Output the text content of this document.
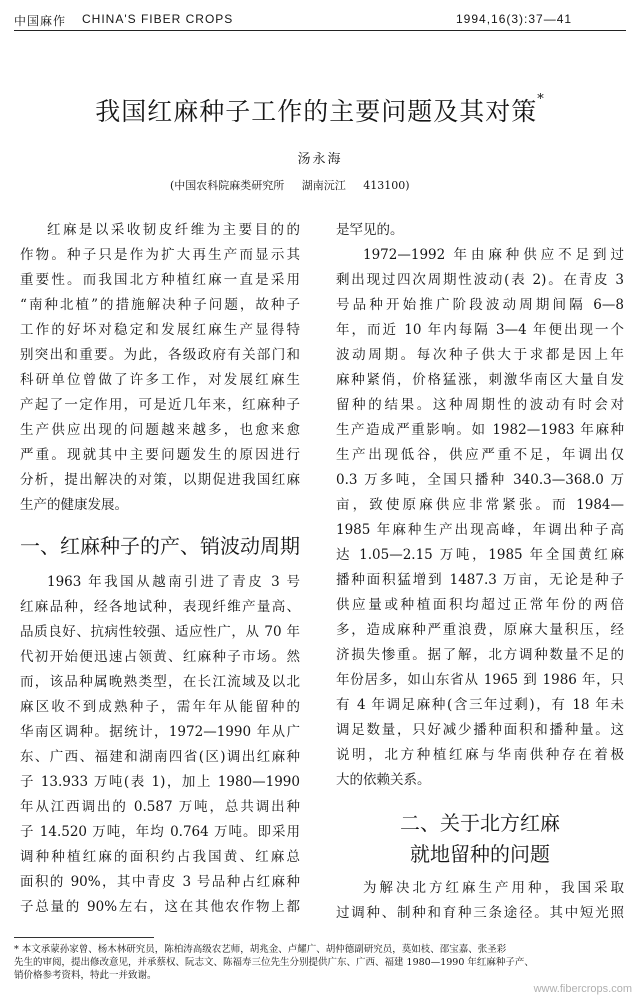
中国麻作 CHINA'S FIBER CROPS	1994,16(3):37—41
我国红麻种子工作的主要问题及其对策*
汤永海
(中国农科院麻类研究所 湖南沅江 413100)
红麻是以采收韧皮纤维为主要目的的
作物。种子只是作为扩大再生产而显示其
重要性。而我国北方种植红麻一直是采用
“南种北植”的措施解决种子问题，故种子
工作的好坏对稳定和发展红麻生产显得特
别突出和重要。为此，各级政府有关部门和
科研单位曾做了许多工作，对发展红麻生
产起了一定作用，可是近几年来，红麻种子
生产供应出现的问题越来越多，也愈来愈
严重。现就其中主要问题发生的原因进行
分析，提出解决的对策，以期促进我国红麻
生产的健康发展。
一、红麻种子的产、销波动周期
1963 年我国从越南引进了青皮 3 号
红麻品种，经各地试种，表现纤维产量高、
品质良好、抗病性较强、适应性广，从 70 年
代初开始便迅速占领黄、红麻种子市场。然
而，该品种属晚熟类型，在长江流域及以北
麻区收不到成熟种子，需年年从能留种的
华南区调种。据统计，1972—1990 年从广
东、广西、福建和湖南四省(区)调出红麻种
子 13.933 万吨(表 1)，加上 1980—1990
年从江西调出的 0.587 万吨，总共调出种
子 14.520 万吨，年均 0.764 万吨。即采用
调种种植红麻的面积约占我国黄、红麻总
面积的 90%，其中青皮 3 号品种占红麻种
子总量的 90%左右，这在其他农作物上都
是罕见的。
1972—1992 年由麻种供应不足到过
剩出现过四次周期性波动(表 2)。在青皮 3
号品种开始推广阶段波动周期间隔 6—8
年，而近 10 年内每隔 3—4 年便出现一个
波动周期。每次种子供大于求都是因上年
麻种紧俏，价格猛涨，刺激华南区大量自发
留种的结果。这种周期性的波动有时会对
生产造成严重影响。如 1982—1983 年麻种
生产出现低谷，供应严重不足，年调出仅
0.3 万多吨，全国只播种 340.3—368.0 万
亩，致使原麻供应非常紧张。而 1984—
1985 年麻种生产出现高峰，年调出种子高
达 1.05—2.15 万吨，1985 年全国黄红麻
播种面积猛增到 1487.3 万亩，无论是种子
供应量或种植面积均超过正常年份的两倍
多，造成麻种严重浪费，原麻大量积压，经
济损失惨重。据了解，北方调种数量不足的
年份居多，如山东省从 1965 到 1986 年，只
有 4 年调足麻种(含三年过剩)，有 18 年未
调足数量，只好减少播种面积和播种量。这
说明，北方种植红麻与华南供种存在着极
大的依赖关系。
二、关于北方红麻
就地留种的问题
为解决北方红麻生产用种，我国采取
过调种、制种和育种三条途径。其中短光照
* 本文承蒙孙家曾、杨木林研究员，陈柏涛高级农艺师，胡兆金、卢耀广、胡仲德副研究员，莫如枝、邵宝嘉、张圣彩
先生的审阅，提出修改意见，并承蔡权、阮志文、陈福寿三位先生分别提供广东、广西、福建 1980—1990 年红麻种子产、
销价格参考资料，特此一并致谢。
www.fibercrops.com
